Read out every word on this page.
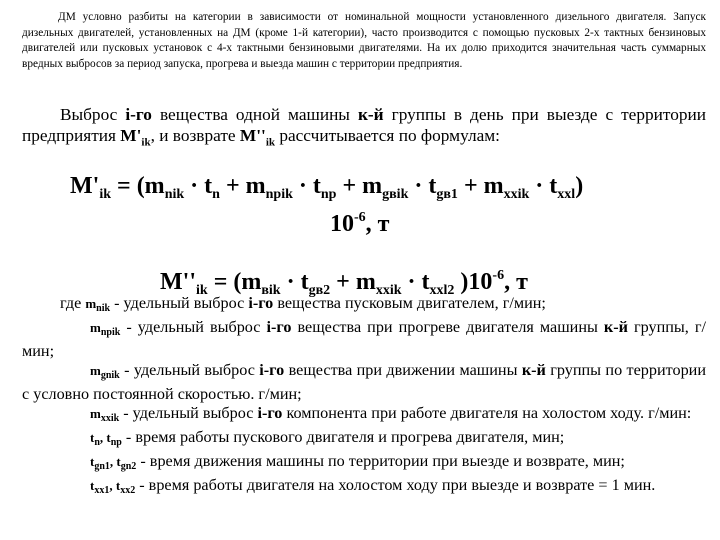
ДМ условно разбиты на категории в зависимости от номинальной мощности установленного дизельного двигателя. Запуск дизельных двигателей, установленных на ДМ (кроме 1-й категории), часто производится с помощью пусковых 2-х тактных бензиновых двигателей или пусковых установок с 4-х тактными бензиновыми двигателями. На их долю приходится значительная часть суммарных вредных выбросов за период запуска, прогрева и выезда машин с территории предприятия.

Выброс i-го вещества одной машины к-й группы в день при выезде с территории предприятия $M'_{ik}$, и возврате $M''_{ik}$ рассчитывается по формулам:

$M'_{ik} = (m_{nik} \cdot t_n + m_{npik} \cdot t_{np} + m_{gвik} \cdot t_{gв1} + m_{xxik} \cdot t_{xxl})$
$10^{-6}$, т
$M''_{ik} = (m_{вik} \cdot t_{gв2} + m_{xxik} \cdot t_{xxl2}$ )$10^{-6}$, т

где $m_{nik}$ - удельный выброс i-го вещества пусковым двигателем, г/мин;

$m_{npik}$ - удельный выброс i-го вещества при прогреве двигателя машины к-й группы, г/мин;

$m_{gnik}$ - удельный выброс i-го вещества при движении машины к-й группы по территории с условно постоянной скоростью. г/мин;

$m_{xxik}$ - удельный выброс i-го компонента при работе двигателя на холостом ходу. г/мин:

$t_n$, $t_{np}$ - время работы пускового двигателя и прогрева двигателя, мин;

$t_{gn1}$, $t_{gn2}$ - время движения машины по территории при выезде и возврате, мин;

$t_{xx1}$, $t_{xx2}$ - время работы двигателя на холостом ходу при выезде и возврате = 1 мин.
